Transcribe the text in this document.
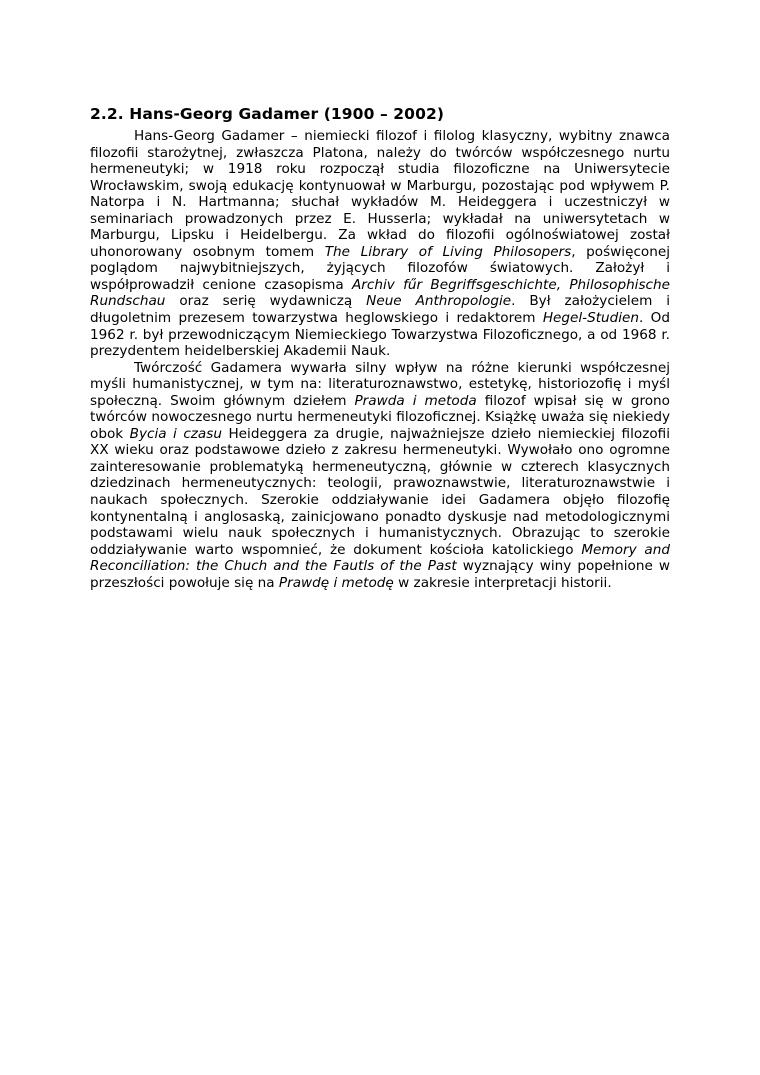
2.2. Hans-Georg Gadamer (1900 – 2002)

Hans-Georg Gadamer – niemiecki filozof i filolog klasyczny, wybitny znawca filozofii starożytnej, zwłaszcza Platona, należy do twórców współczesnego nurtu hermeneutyki; w 1918 roku rozpoczął studia filozoficzne na Uniwersytecie Wrocławskim, swoją edukację kontynuował w Marburgu, pozostając pod wpływem P. Natorpa i N. Hartmanna; słuchał wykładów M. Heideggera i uczestniczył w seminariach prowadzonych przez E. Husserla; wykładał na uniwersytetach w Marburgu, Lipsku i Heidelbergu. Za wkład do filozofii ogólnoświatowej został uhonorowany osobnym tomem The Library of Living Philosopers, poświęconej poglądom najwybitniejszych, żyjących filozofów światowych. Założył i współprowadził cenione czasopisma Archiv fűr Begriffsgeschichte, Philosophische Rundschau oraz serię wydawniczą Neue Anthropologie. Był założycielem i długoletnim prezesem towarzystwa heglowskiego i redaktorem Hegel-Studien. Od 1962 r. był przewodniczącym Niemieckiego Towarzystwa Filozoficznego, a od 1968 r. prezydentem heidelberskiej Akademii Nauk.

Twórczość Gadamera wywarła silny wpływ na różne kierunki współczesnej myśli humanistycznej, w tym na: literaturoznawstwo, estetykę, historiozofię i myśl społeczną. Swoim głównym dziełem Prawda i metoda filozof wpisał się w grono twórców nowoczesnego nurtu hermeneutyki filozoficznej. Książkę uważa się niekiedy obok Bycia i czasu Heideggera za drugie, najważniejsze dzieło niemieckiej filozofii XX wieku oraz podstawowe dzieło z zakresu hermeneutyki. Wywołało ono ogromne zainteresowanie problematyką hermeneutyczną, głównie w czterech klasycznych dziedzinach hermeneutycznych: teologii, prawoznawstwie, literaturoznawstwie i naukach społecznych. Szerokie oddziaływanie idei Gadamera objęło filozofię kontynentalną i anglosaską, zainicjowano ponadto dyskusje nad metodologicznymi podstawami wielu nauk społecznych i humanistycznych. Obrazując to szerokie oddziaływanie warto wspomnieć, że dokument kościoła katolickiego Memory and Reconciliation: the Chuch and the Fautls of the Past wyznający winy popełnione w przeszłości powołuje się na Prawdę i metodę w zakresie interpretacji historii.
